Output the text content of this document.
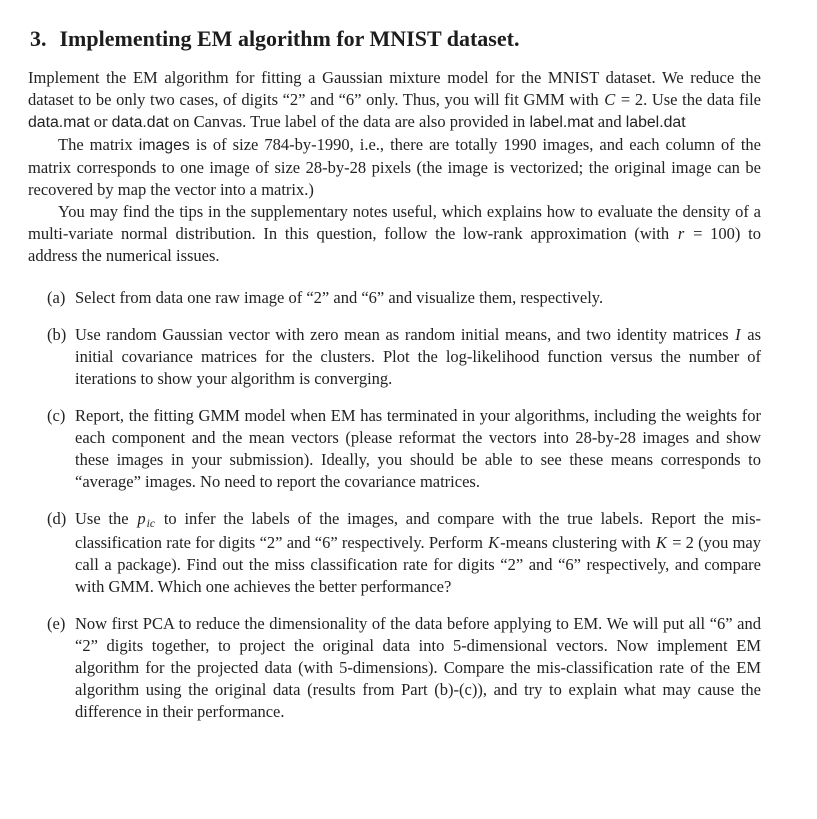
3. Implementing EM algorithm for MNIST dataset.

Implement the EM algorithm for fitting a Gaussian mixture model for the MNIST dataset. We reduce the dataset to be only two cases, of digits “2” and “6” only. Thus, you will fit GMM with C = 2. Use the data file data.mat or data.dat on Canvas. True label of the data are also provided in label.mat and label.dat

The matrix images is of size 784-by-1990, i.e., there are totally 1990 images, and each column of the matrix corresponds to one image of size 28-by-28 pixels (the image is vectorized; the original image can be recovered by map the vector into a matrix.)

You may find the tips in the supplementary notes useful, which explains how to evaluate the density of a multi-variate normal distribution. In this question, follow the low-rank approximation (with r = 100) to address the numerical issues.

(a) Select from data one raw image of “2” and “6” and visualize them, respectively.
(b) Use random Gaussian vector with zero mean as random initial means, and two identity matrices I as initial covariance matrices for the clusters. Plot the log-likelihood function versus the number of iterations to show your algorithm is converging.
(c) Report, the fitting GMM model when EM has terminated in your algorithms, including the weights for each component and the mean vectors (please reformat the vectors into 28-by-28 images and show these images in your submission). Ideally, you should be able to see these means corresponds to “average” images. No need to report the covariance matrices.
(d) Use the $p_{ic}$ to infer the labels of the images, and compare with the true labels. Report the mis-classification rate for digits “2” and “6” respectively. Perform K-means clustering with K = 2 (you may call a package). Find out the miss classification rate for digits “2” and “6” respectively, and compare with GMM. Which one achieves the better performance?
(e) Now first PCA to reduce the dimensionality of the data before applying to EM. We will put all “6” and “2” digits together, to project the original data into 5-dimensional vectors. Now implement EM algorithm for the projected data (with 5-dimensions). Compare the mis-classification rate of the EM algorithm using the original data (results from Part (b)-(c)), and try to explain what may cause the difference in their performance.
